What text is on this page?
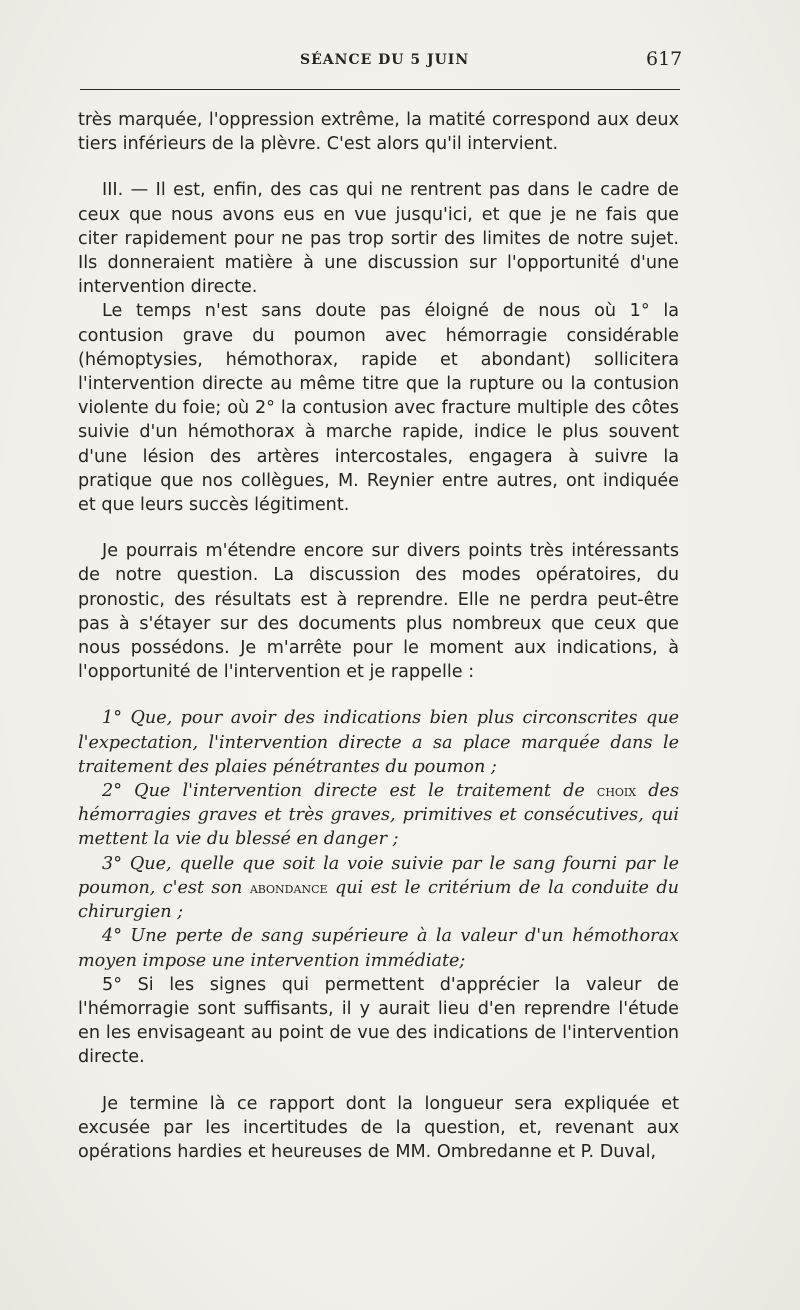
SÉANCE DU 5 JUIN	617

très marquée, l'oppression extrême, la matité correspond aux deux tiers inférieurs de la plèvre. C'est alors qu'il intervient.

III. — Il est, enfin, des cas qui ne rentrent pas dans le cadre de ceux que nous avons eus en vue jusqu'ici, et que je ne fais que citer rapidement pour ne pas trop sortir des limites de notre sujet. Ils donneraient matière à une discussion sur l'opportunité d'une intervention directe.

Le temps n'est sans doute pas éloigné de nous où 1° la contusion grave du poumon avec hémorragie considérable (hémoptysies, hémothorax, rapide et abondant) sollicitera l'intervention directe au même titre que la rupture ou la contusion violente du foie; où 2° la contusion avec fracture multiple des côtes suivie d'un hémothorax à marche rapide, indice le plus souvent d'une lésion des artères intercostales, engagera à suivre la pratique que nos collègues, M. Reynier entre autres, ont indiquée et que leurs succès légitiment.

Je pourrais m'étendre encore sur divers points très intéressants de notre question. La discussion des modes opératoires, du pronostic, des résultats est à reprendre. Elle ne perdra peut-être pas à s'étayer sur des documents plus nombreux que ceux que nous possédons. Je m'arrête pour le moment aux indications, à l'opportunité de l'intervention et je rappelle :

1° Que, pour avoir des indications bien plus circonscrites que l'expectation, l'intervention directe a sa place marquée dans le traitement des plaies pénétrantes du poumon ;

2° Que l'intervention directe est le traitement de choix des hémorragies graves et très graves, primitives et consécutives, qui mettent la vie du blessé en danger ;

3° Que, quelle que soit la voie suivie par le sang fourni par le poumon, c'est son abondance qui est le critérium de la conduite du chirurgien ;

4° Une perte de sang supérieure à la valeur d'un hémothorax moyen impose une intervention immédiate;

5° Si les signes qui permettent d'apprécier la valeur de l'hémorragie sont suffisants, il y aurait lieu d'en reprendre l'étude en les envisageant au point de vue des indications de l'intervention directe.

Je termine là ce rapport dont la longueur sera expliquée et excusée par les incertitudes de la question, et, revenant aux opérations hardies et heureuses de MM. Ombredanne et P. Duval,
